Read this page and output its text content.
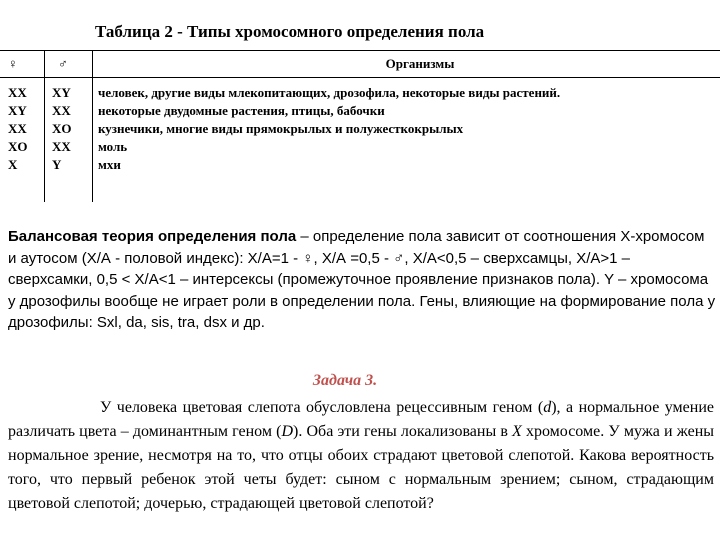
Таблица 2 - Типы хромосомного определения пола
♀	♂	Организмы
XX XY человек, другие виды млекопитающих, дрозофила, некоторые виды растений.
XY XX некоторые двудомные растения, птицы, бабочки
XX XO кузнечики, многие виды прямокрылых и полужесткокрылых
XO XX моль
X	Y	мхи
Балансовая теория определения пола – определение пола зависит от соотношения Х-хромосом и аутосом (Х/А - половой индекс): Х/А=1 - ♀, Х/А =0,5 - ♂, Х/А<0,5 – сверхсамцы, Х/А>1 – сверхсамки, 0,5 < Х/А<1 – интерсексы (промежуточное проявление признаков пола). Y – хромосома у дрозофилы вообще не играет роли в определении пола. Гены, влияющие на формирование пола у дрозофилы: Sxl, da, sis, tra, dsx и др.
Задача 3.
У человека цветовая слепота обусловлена рецессивным геном (d), а нормальное умение различать цвета – доминантным геном (D). Оба эти гены локализованы в X хромосоме. У мужа и жены нормальное зрение, несмотря на то, что отцы обоих страдают цветовой слепотой. Какова вероятность того, что первый ребенок этой четы будет: сыном с нормальным зрением; сыном, страдающим цветовой слепотой; дочерью, страдающей цветовой слепотой?
